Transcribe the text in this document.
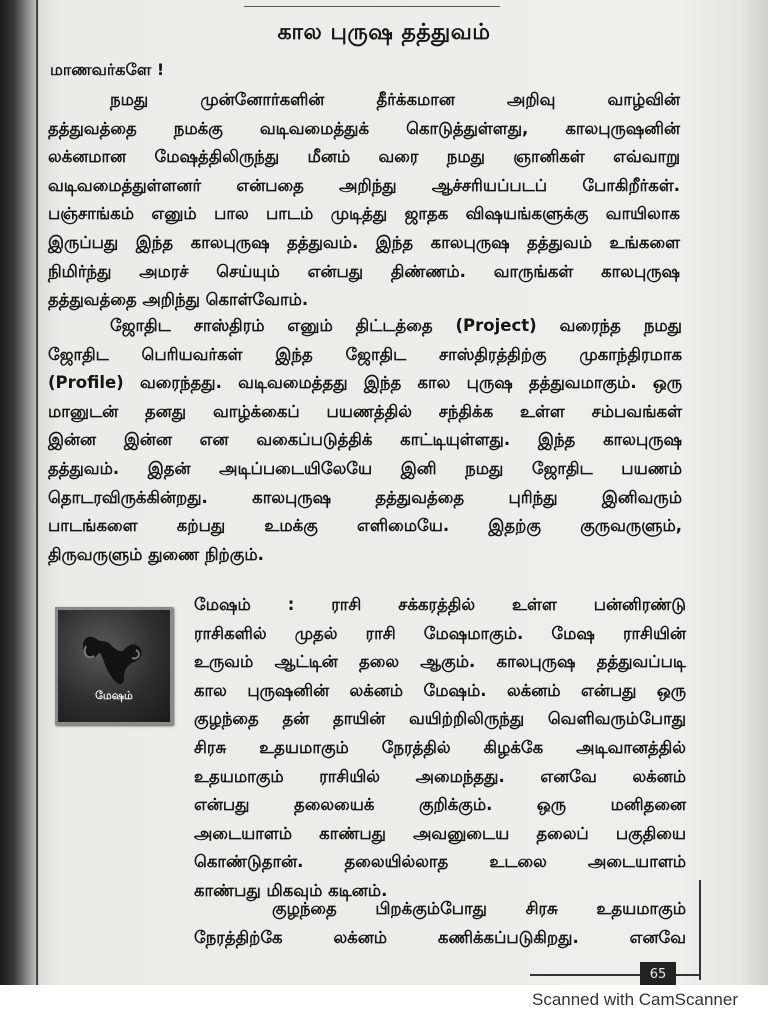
கால புருஷ தத்துவம்
மாணவர்களே !
நமது முன்னோர்களின் தீர்க்கமான அறிவு வாழ்வின்
தத்துவத்தை நமக்கு வடிவமைத்துக் கொடுத்துள்ளது, காலபுருஷனின்
லக்னமான மேஷத்திலிருந்து மீனம் வரை நமது ஞானிகள் எவ்வாறு
வடிவமைத்துள்ளனர் என்பதை அறிந்து ஆச்சரியப்படப் போகிறீர்கள்.
பஞ்சாங்கம் எனும் பால பாடம் முடித்து ஜாதக விஷயங்களுக்கு வாயிலாக
இருப்பது இந்த காலபுருஷ தத்துவம். இந்த காலபுருஷ தத்துவம் உங்களை
நிமிர்ந்து அமரச் செய்யும் என்பது திண்ணம். வாருங்கள் காலபுருஷ
தத்துவத்தை அறிந்து கொள்வோம்.
ஜோதிட சாஸ்திரம் எனும் திட்டத்தை (Project) வரைந்த நமது
ஜோதிட பெரியவர்கள் இந்த ஜோதிட சாஸ்திரத்திற்கு முகாந்திரமாக
(Profile) வரைந்தது. வடிவமைத்தது இந்த கால புருஷ தத்துவமாகும். ஒரு
மானுடன் தனது வாழ்க்கைப் பயணத்தில் சந்திக்க உள்ள சம்பவங்கள்
இன்ன இன்ன என வகைப்படுத்திக் காட்டியுள்ளது. இந்த காலபுருஷ
தத்துவம். இதன் அடிப்படையிலேயே இனி நமது ஜோதிட பயணம்
தொடரவிருக்கின்றது. காலபுருஷ தத்துவத்தை புரிந்து இனிவரும்
பாடங்களை கற்பது உமக்கு எளிமையே. இதற்கு குருவருளும்,
திருவருளும் துணை நிற்கும்.
மேஷம்
மேஷம் : ராசி சக்கரத்தில் உள்ள பன்னிரண்டு
ராசிகளில் முதல் ராசி மேஷமாகும். மேஷ ராசியின்
உருவம் ஆட்டின் தலை ஆகும். காலபுருஷ தத்துவப்படி
கால புருஷனின் லக்னம் மேஷம். லக்னம் என்பது ஒரு
குழந்தை தன் தாயின் வயிற்றிலிருந்து வெளிவரும்போது
சிரசு உதயமாகும் நேரத்தில் கிழக்கே அடிவானத்தில்
உதயமாகும் ராசியில் அமைந்தது. எனவே லக்னம்
என்பது தலையைக் குறிக்கும். ஒரு மனிதனை
அடையாளம் காண்பது அவனுடைய தலைப் பகுதியை
கொண்டுதான். தலையில்லாத உடலை அடையாளம்
காண்பது மிகவும் கடினம்.
குழந்தை பிறக்கும்போது சிரசு உதயமாகும்
நேரத்திற்கே லக்னம் கணிக்கப்படுகிறது. எனவே
65
Scanned with CamScanner
